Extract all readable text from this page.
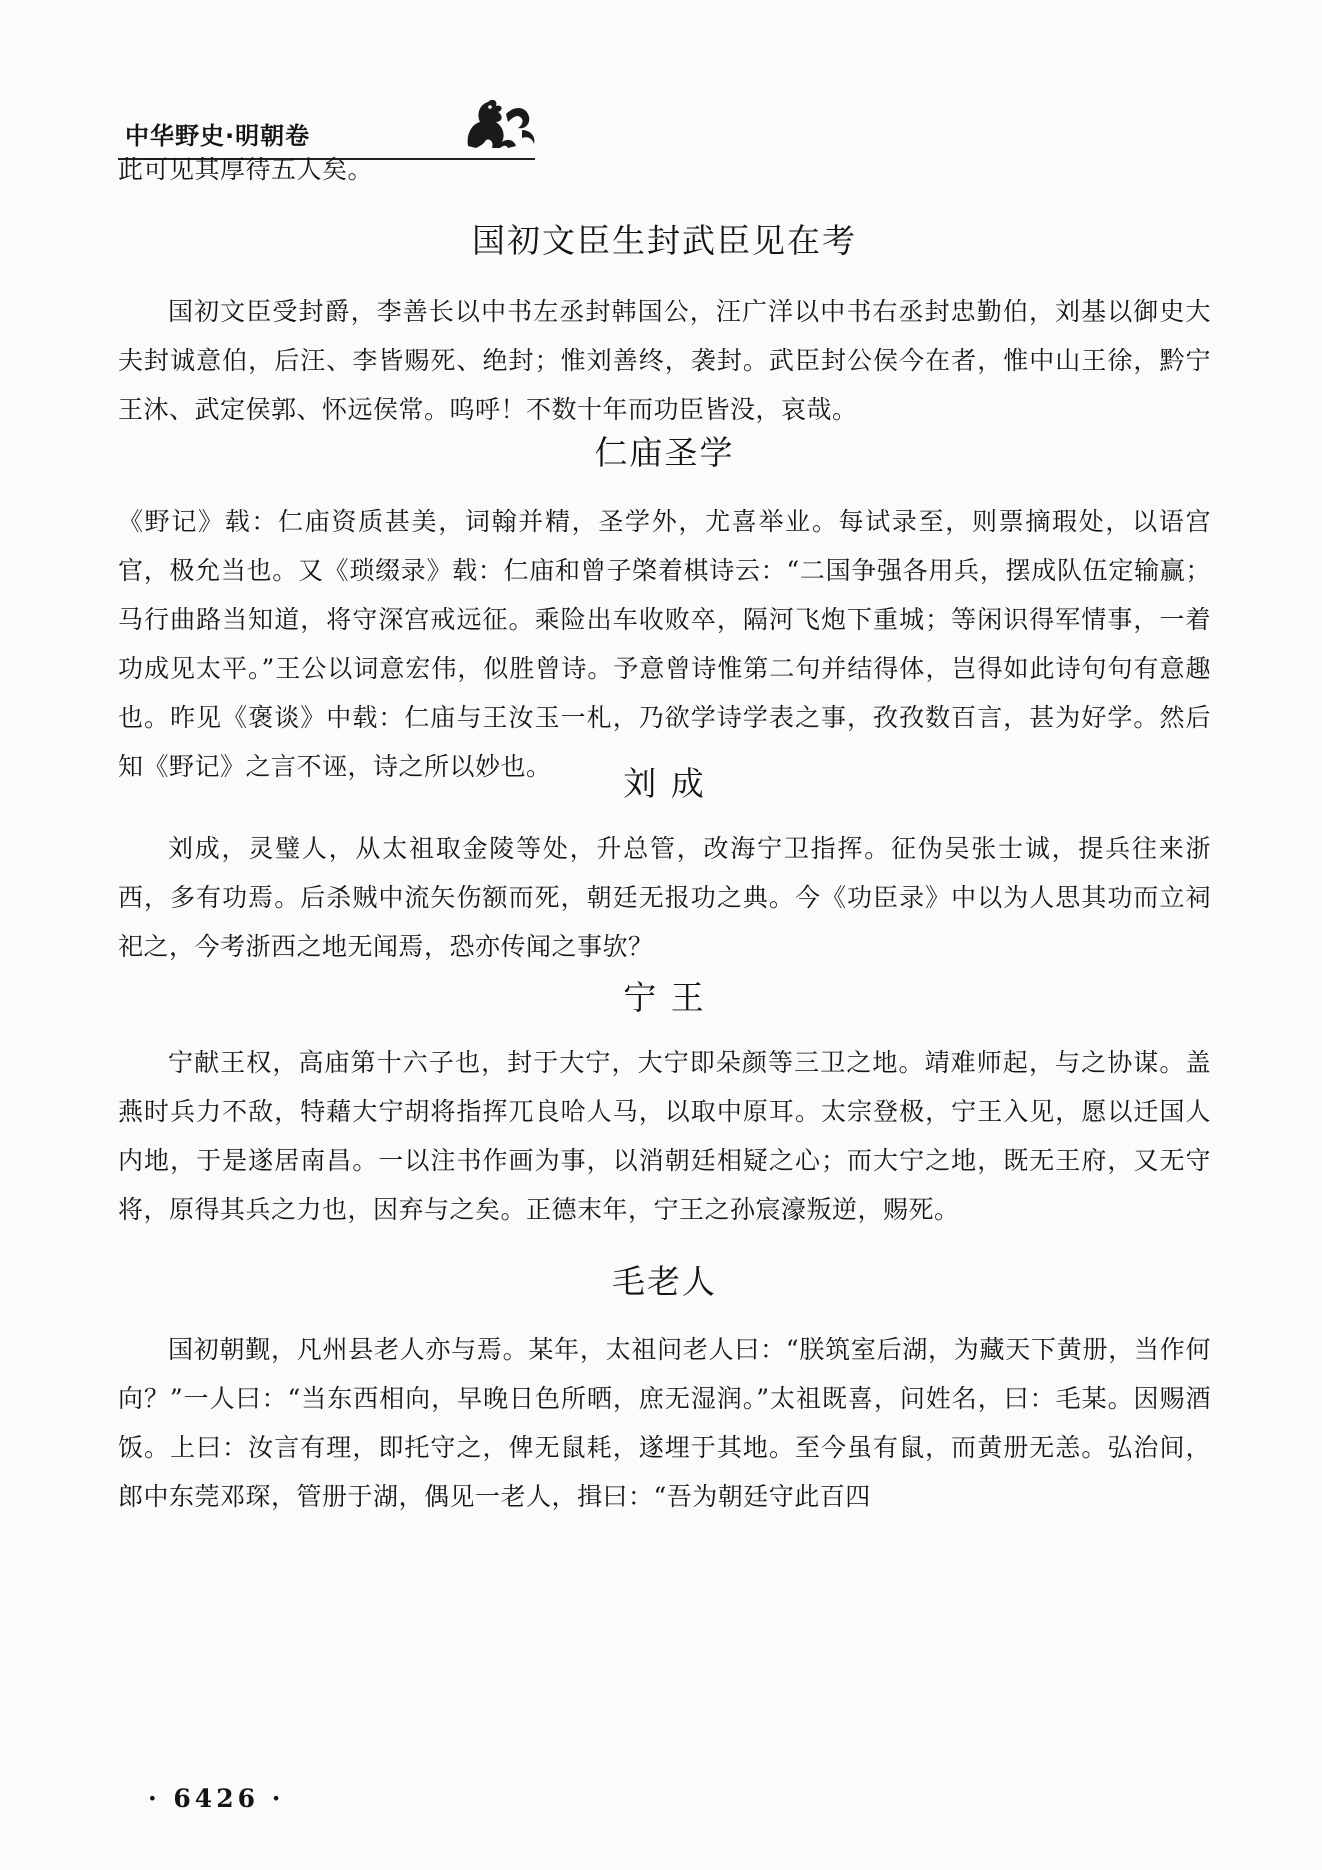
中华野史·明朝卷
此可见其厚待五人矣。
国初文臣生封武臣见在考
国初文臣受封爵，李善长以中书左丞封韩国公，汪广洋以中书右丞封忠勤伯，刘基以御史大夫封诚意伯，后汪、李皆赐死、绝封；惟刘善终，袭封。武臣封公侯今在者，惟中山王徐，黔宁王沐、武定侯郭、怀远侯常。呜呼！不数十年而功臣皆没，哀哉。
仁庙圣学
《野记》载：仁庙资质甚美，词翰并精，圣学外，尤喜举业。每试录至，则票摘瑕处，以语宫官，极允当也。又《琐缀录》载：仁庙和曾子棨着棋诗云：“二国争强各用兵，摆成队伍定输赢；马行曲路当知道，将守深宫戒远征。乘险出车收败卒，隔河飞炮下重城；等闲识得军情事，一着功成见太平。”王公以词意宏伟，似胜曾诗。予意曾诗惟第二句并结得体，岂得如此诗句句有意趣也。昨见《褒谈》中载：仁庙与王汝玉一札，乃欲学诗学表之事，孜孜数百言，甚为好学。然后知《野记》之言不诬，诗之所以妙也。	刘 成
刘成，灵璧人，从太祖取金陵等处，升总管，改海宁卫指挥。征伪吴张士诚，提兵往来浙西，多有功焉。后杀贼中流矢伤额而死，朝廷无报功之典。今《功臣录》中以为人思其功而立祠祀之，今考浙西之地无闻焉，恐亦传闻之事欤？
宁 王
宁献王权，高庙第十六子也，封于大宁，大宁即朵颜等三卫之地。靖难师起，与之协谋。盖燕时兵力不敌，特藉大宁胡将指挥兀良哈人马，以取中原耳。太宗登极，宁王入见，愿以迁国人内地，于是遂居南昌。一以注书作画为事，以消朝廷相疑之心；而大宁之地，既无王府，又无守将，原得其兵之力也，因弃与之矣。正德末年，宁王之孙宸濠叛逆，赐死。
毛老人
国初朝觐，凡州县老人亦与焉。某年，太祖问老人曰：“朕筑室后湖，为藏天下黄册，当作何向？”一人曰：“当东西相向，早晚日色所晒，庶无湿润。”太祖既喜，问姓名，曰：毛某。因赐酒饭。上曰：汝言有理，即托守之，俾无鼠耗，遂埋于其地。至今虽有鼠，而黄册无恙。弘治间，郎中东莞邓琛，管册于湖，偶见一老人，揖曰：“吾为朝廷守此百四
· 6426 ·
